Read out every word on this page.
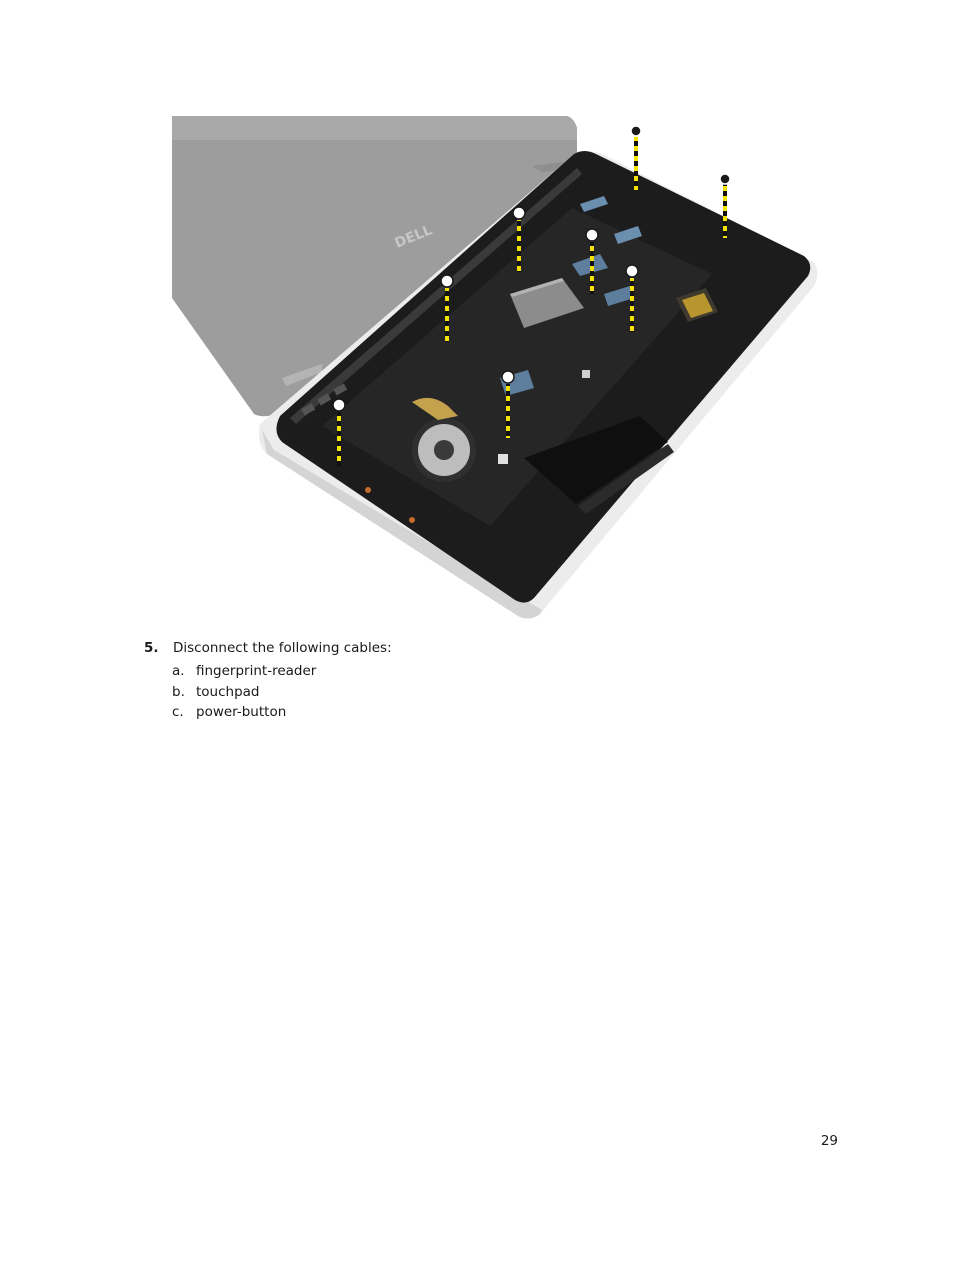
DELL
5. Disconnect the following cables:
a. fingerprint-reader
b. touchpad
c. power-button
29
